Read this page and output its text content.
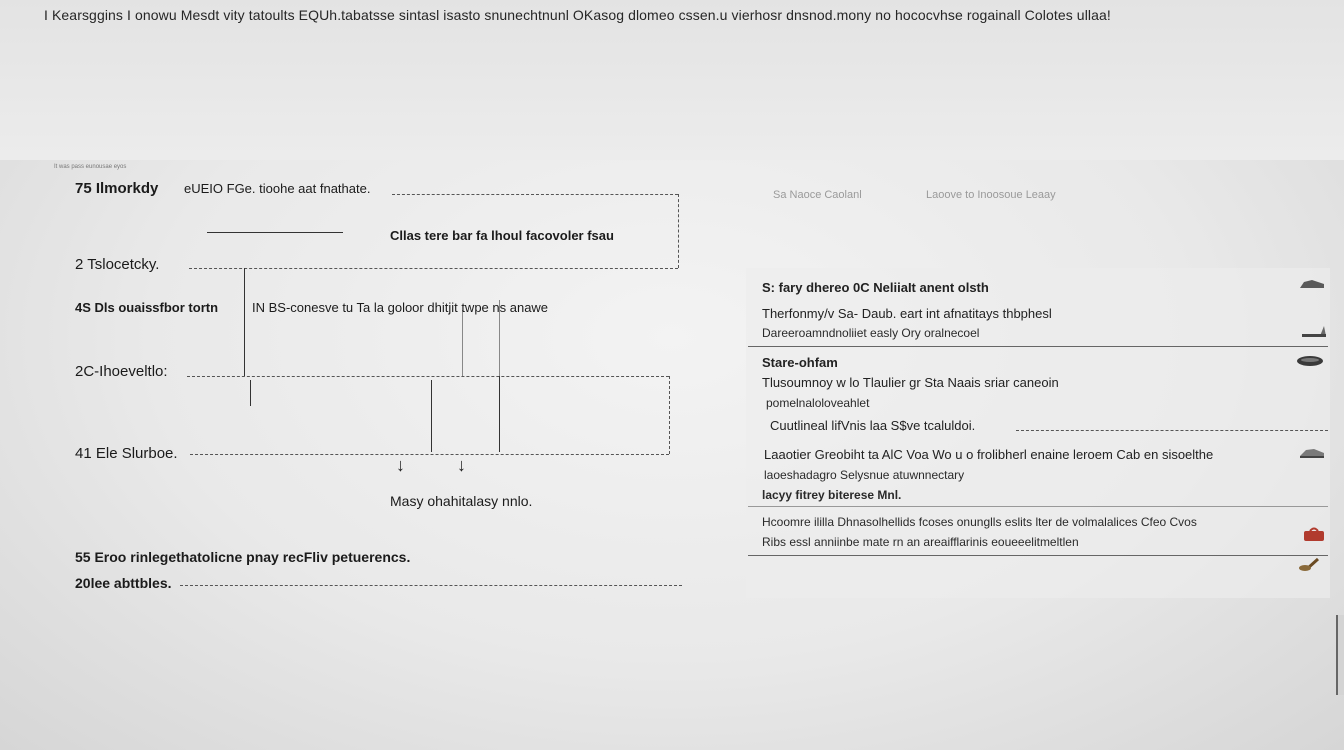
I Kearsggins I onowu Mesdt vity tatoults EQUh.tabatsse sintasl isasto snunechtnunl OKasog dlomeo cssen.u vierhosr dnsnod.mony no hococvhse rogainall Colotes ullaa!
It was pass eunousae eyos
75 Ilmorkdy eUEIO FGe. tioohe aat fnathate.
Cllas tere bar fa lhoul facovoler fsau
2 Tslocetcky.
4S Dls ouaissfbor tortn	IN BS-conesve tu Ta la goloor dhitjit twpe ns anawe
2C-Ihoeveltlo:
41 Ele Slurboe.
↓	↓
Masy ohahitalasy nnlo.
55 Eroo rinlegethatolicne pnay recFliv petuerencs.
20lee abttbles.
Sa Naoce Caolanl	Laoove to Inoosoue Leaay
S: fary dhereo 0C NeliiaIt anent olsth
Therfonmy/v Sa- Daub. eart int afnatitays thbphesl
Dareeroamndnoliiet easly Ory oralnecoel
Stare-ohfam
Tlusoumnoy w lo Tlaulier gr Sta Naais sriar caneoin
pomelnaloloveahlet
Cuutlineal lifVnis laa S$ve tcaluldoi.
Laaotier Greobiht ta AlC Voa Wo u o frolibherl enaine leroem Cab en sisoelthe
laoeshadagro Selysnue atuwnnectary
lacyy fitrey biterese Mnl.
Hcoomre ililla Dhnasolhellids fcoses onunglls eslits lter de volmalalices Cfeo Cvos
Ribs essl anniinbe mate rn an areaifflarinis eoueeelitmeltlen
